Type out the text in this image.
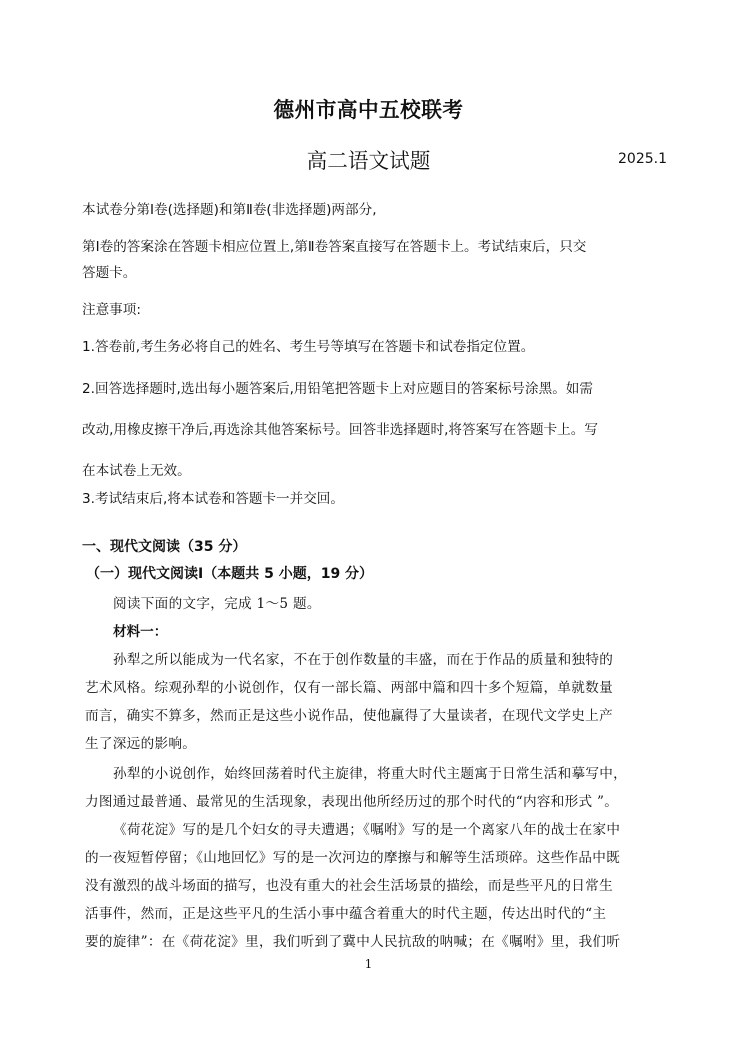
德州市高中五校联考
高二语文试题	2025.1
本试卷分第Ⅰ卷(选择题)和第Ⅱ卷(非选择题)两部分,
第Ⅰ卷的答案涂在答题卡相应位置上,第Ⅱ卷答案直接写在答题卡上。考试结束后，只交
答题卡。
注意事项:
1.答卷前,考生务必将自己的姓名、考生号等填写在答题卡和试卷指定位置。
2.回答选择题时,选出每小题答案后,用铅笔把答题卡上对应题目的答案标号涂黑。如需
改动,用橡皮擦干净后,再选涂其他答案标号。回答非选择题时,将答案写在答题卡上。写
在本试卷上无效。
3.考试结束后,将本试卷和答题卡一并交回。
一、现代文阅读（35 分）
（一）现代文阅读Ⅰ（本题共 5 小题，19 分）
阅读下面的文字，完成 1～5 题。
材料一：
孙犁之所以能成为一代名家，不在于创作数量的丰盛，而在于作品的质量和独特的
艺术风格。综观孙犁的小说创作，仅有一部长篇、两部中篇和四十多个短篇，单就数量
而言，确实不算多，然而正是这些小说作品，使他赢得了大量读者，在现代文学史上产
生了深远的影响。
孙犁的小说创作，始终回荡着时代主旋律，将重大时代主题寓于日常生活和摹写中，
力图通过最普通、最常见的生活现象，表现出他所经历过的那个时代的“内容和形式 ”。
《荷花淀》写的是几个妇女的寻夫遭遇；《嘱咐》写的是一个离家八年的战士在家中
的一夜短暂停留；《山地回忆》写的是一次河边的摩擦与和解等生活琐碎。这些作品中既
没有激烈的战斗场面的描写，也没有重大的社会生活场景的描绘，而是些平凡的日常生
活事件，然而，正是这些平凡的生活小事中蕴含着重大的时代主题，传达出时代的“主
要的旋律”：在《荷花淀》里，我们听到了冀中人民抗敌的呐喊；在《嘱咐》里，我们听
1
